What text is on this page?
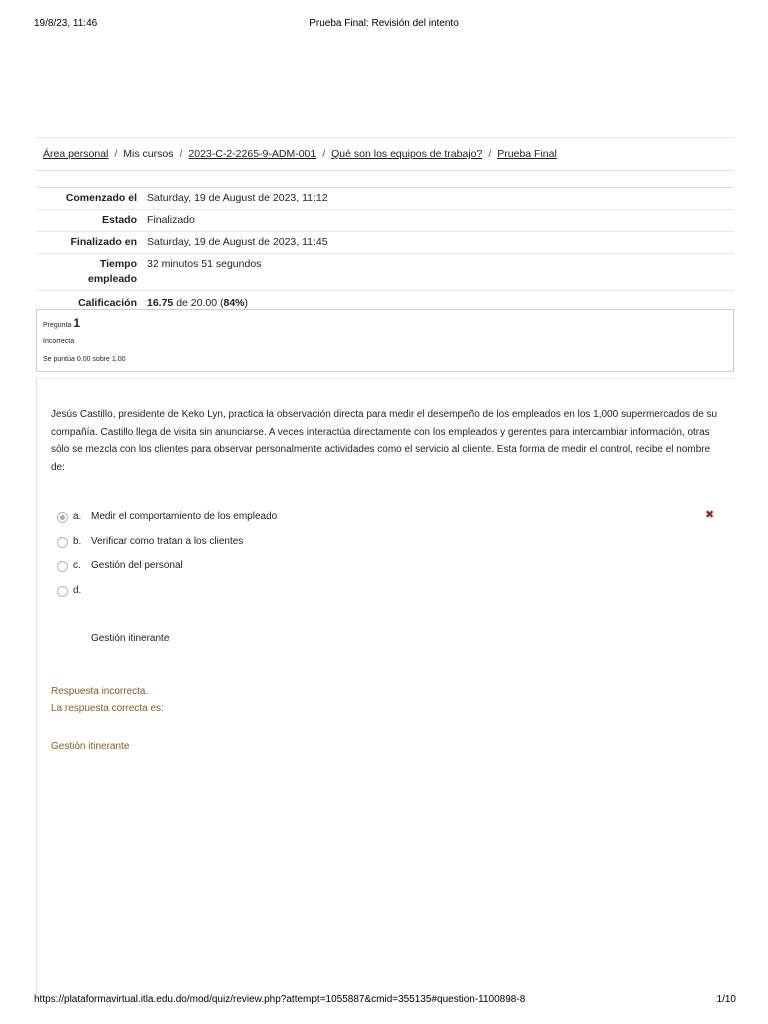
19/8/23, 11:46	Prueba Final: Revisión del intento
Área personal / Mis cursos / 2023-C-2-2265-9-ADM-001 / Qué son los equipos de trabajo? / Prueba Final
Comenzado el Saturday, 19 de August de 2023, 11:12
Estado Finalizado
Finalizado en Saturday, 19 de August de 2023, 11:45
Tiempo empleado
32 minutos 51 segundos
Calificación 16.75 de 20.00 (84%)
Pregunta 1
Incorrecta
Se puntúa 0.00 sobre 1.00
Jesús Castillo, presidente de Keko Lyn, practica la observación directa para medir el desempeño de los empleados en los 1,000 supermercados de su compañía. Castillo llega de visita sin anunciarse. A veces interactúa directamente con los empleados y gerentes para intercambiar información, otras sólo se mezcla con los clientes para observar personalmente actividades como el servicio al cliente. Esta forma de medir el control, recibe el nombre de:
a. Medir el comportamiento de los empleado	✖
b. Verificar como tratan a los clientes
c. Gestión del personal
d.
Gestión itinerante
Respuesta incorrecta.
La respuesta correcta es:
Gestión itinerante
https://plataformavirtual.itla.edu.do/mod/quiz/review.php?attempt=1055887&cmid=355135#question-1100898-8	1/10
